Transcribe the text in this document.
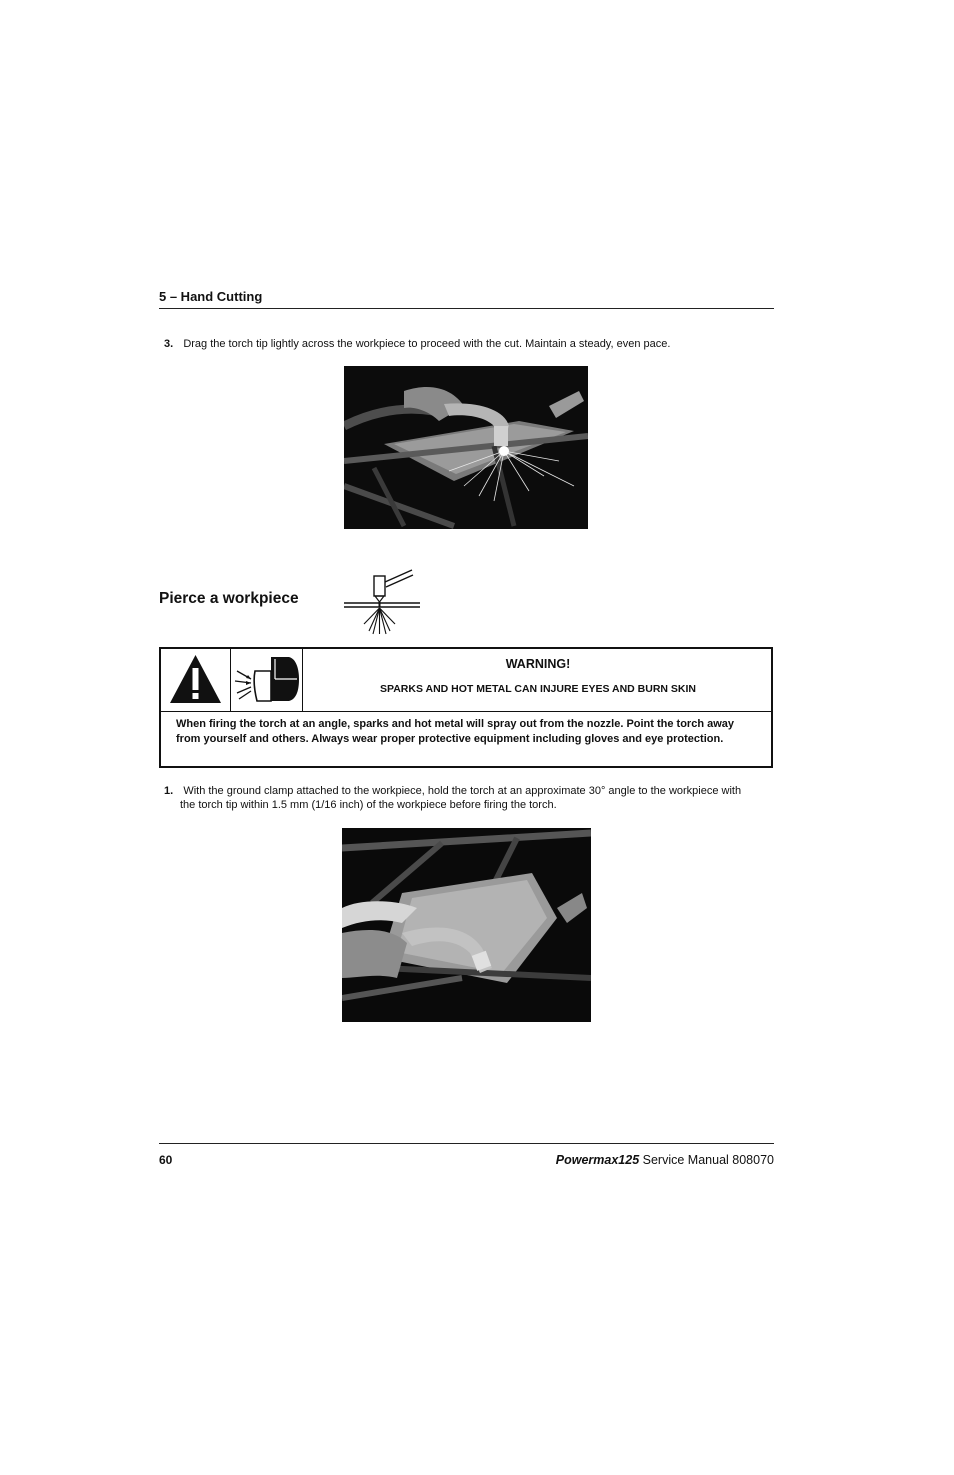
5 – Hand Cutting
3. Drag the torch tip lightly across the workpiece to proceed with the cut. Maintain a steady, even pace.
Pierce a workpiece
WARNING!
SPARKS AND HOT METAL CAN INJURE EYES AND BURN SKIN
When firing the torch at an angle, sparks and hot metal will spray out from the nozzle. Point the torch away from yourself and others. Always wear proper protective equipment including gloves and eye protection.
1. With the ground clamp attached to the workpiece, hold the torch at an approximate 30° angle to the workpiece with
the torch tip within 1.5 mm (1/16 inch) of the workpiece before firing the torch.
60	Powermax125 Service Manual 808070
